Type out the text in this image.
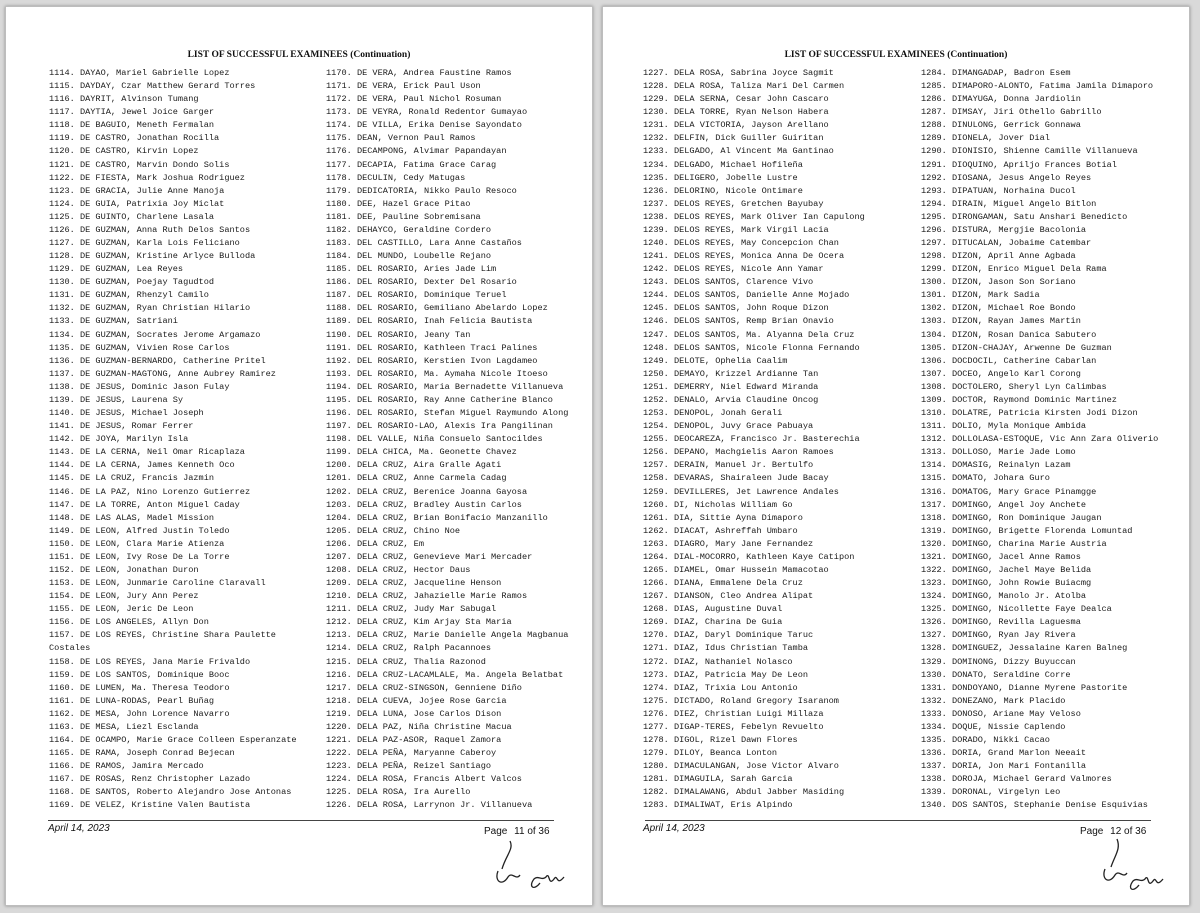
LIST OF SUCCESSFUL EXAMINEES (Continuation)
1114. DAYAO, Mariel Gabrielle Lopez
1115. DAYDAY, Czar Matthew Gerard Torres
1116. DAYRIT, Alvinson Tumang
1117. DAYTIA, Jewel Joice Garger
1118. DE BAGUIO, Meneth Fermalan
1119. DE CASTRO, Jonathan Rocilla
1120. DE CASTRO, Kirvin Lopez
1121. DE CASTRO, Marvin Dondo Solis
1122. DE FIESTA, Mark Joshua Rodriguez
1123. DE GRACIA, Julie Anne Manoja
1124. DE GUIA, Patrixia Joy Miclat
1125. DE GUINTO, Charlene Lasala
1126. DE GUZMAN, Anna Ruth Delos Santos
1127. DE GUZMAN, Karla Lois Feliciano
1128. DE GUZMAN, Kristine Arlyce Bulloda
1129. DE GUZMAN, Lea Reyes
1130. DE GUZMAN, Poejay Tagudtod
1131. DE GUZMAN, Rhenzyl Camilo
1132. DE GUZMAN, Ryan Christian Hilario
1133. DE GUZMAN, Satriani
1134. DE GUZMAN, Socrates Jerome Argamazo
1135. DE GUZMAN, Vivien Rose Carlos
1136. DE GUZMAN-BERNARDO, Catherine Pritel
1137. DE GUZMAN-MAGTONG, Anne Aubrey Ramirez
1138. DE JESUS, Dominic Jason Fulay
1139. DE JESUS, Laurena Sy
1140. DE JESUS, Michael Joseph
1141. DE JESUS, Romar Ferrer
1142. DE JOYA, Marilyn Isla
1143. DE LA CERNA, Neil Omar Ricaplaza
1144. DE LA CERNA, James Kenneth Oco
1145. DE LA CRUZ, Francis Jazmin
1146. DE LA PAZ, Nino Lorenzo Gutierrez
1147. DE LA TORRE, Anton Miguel Caday
1148. DE LAS ALAS, Madel Mission
1149. DE LEON, Alfred Justin Toledo
1150. DE LEON, Clara Marie Atienza
1151. DE LEON, Ivy Rose De La Torre
1152. DE LEON, Jonathan Duron
1153. DE LEON, Junmarie Caroline Claravall
1154. DE LEON, Jury Ann Perez
1155. DE LEON, Jeric De Leon
1156. DE LOS ANGELES, Allyn Don
1157. DE LOS REYES, Christine Shara Paulette
Costales
1158. DE LOS REYES, Jana Marie Frivaldo
1159. DE LOS SANTOS, Dominique Booc
1160. DE LUMEN, Ma. Theresa Teodoro
1161. DE LUNA-RODAS, Pearl Buñag
1162. DE MESA, John Lorence Navarro
1163. DE MESA, Liezl Esclanda
1164. DE OCAMPO, Marie Grace Colleen Esperanzate
1165. DE RAMA, Joseph Conrad Bejecan
1166. DE RAMOS, Jamira Mercado
1167. DE ROSAS, Renz Christopher Lazado
1168. DE SANTOS, Roberto Alejandro Jose Antonas
1169. DE VELEZ, Kristine Valen Bautista
1170. DE VERA, Andrea Faustine Ramos
1171. DE VERA, Erick Paul Uson
1172. DE VERA, Paul Nichol Rosuman
1173. DE VEYRA, Ronald Redentor Gumayao
1174. DE VILLA, Erika Denise Sayondato
1175. DEAN, Vernon Paul Ramos
1176. DECAMPONG, Alvimar Papandayan
1177. DECAPIA, Fatima Grace Carag
1178. DECULIN, Cedy Matugas
1179. DEDICATORIA, Nikko Paulo Resoco
1180. DEE, Hazel Grace Pitao
1181. DEE, Pauline Sobremisana
1182. DEHAYCO, Geraldine Cordero
1183. DEL CASTILLO, Lara Anne Castaños
1184. DEL MUNDO, Loubelle Rejano
1185. DEL ROSARIO, Aries Jade Lim
1186. DEL ROSARIO, Dexter Del Rosario
1187. DEL ROSARIO, Dominique Teruel
1188. DEL ROSARIO, Gemiliano Abelardo Lopez
1189. DEL ROSARIO, Inah Felicia Bautista
1190. DEL ROSARIO, Jeany Tan
1191. DEL ROSARIO, Kathleen Traci Palines
1192. DEL ROSARIO, Kerstien Ivon Lagdameo
1193. DEL ROSARIO, Ma. Aymaha Nicole Itoeso
1194. DEL ROSARIO, Maria Bernadette Villanueva
1195. DEL ROSARIO, Ray Anne Catherine Blanco
1196. DEL ROSARIO, Stefan Miguel Raymundo Along
1197. DEL ROSARIO-LAO, Alexis Ira Pangilinan
1198. DEL VALLE, Niña Consuelo Santocildes
1199. DELA CHICA, Ma. Geonette Chavez
1200. DELA CRUZ, Aira Gralle Agati
1201. DELA CRUZ, Anne Carmela Cadag
1202. DELA CRUZ, Berenice Joanna Gayosa
1203. DELA CRUZ, Bradley Austin Carlos
1204. DELA CRUZ, Brian Bonifacio Manzanillo
1205. DELA CRUZ, Chino Noe
1206. DELA CRUZ, Em
1207. DELA CRUZ, Genevieve Mari Mercader
1208. DELA CRUZ, Hector Daus
1209. DELA CRUZ, Jacqueline Henson
1210. DELA CRUZ, Jahazielle Marie Ramos
1211. DELA CRUZ, Judy Mar Sabugal
1212. DELA CRUZ, Kim Arjay Sta Maria
1213. DELA CRUZ, Marie Danielle Angela Magbanua
1214. DELA CRUZ, Ralph Pacannoes
1215. DELA CRUZ, Thalia Razonod
1216. DELA CRUZ-LACAMLALE, Ma. Angela Belatbat
1217. DELA CRUZ-SINGSON, Genniene Diño
1218. DELA CUEVA, Jojee Rose Garcia
1219. DELA LUNA, Jose Carlos Dison
1220. DELA PAZ, Niña Christine Macua
1221. DELA PAZ-ASOR, Raquel Zamora
1222. DELA PEÑA, Maryanne Caberoy
1223. DELA PEÑA, Reizel Santiago
1224. DELA ROSA, Francis Albert Valcos
1225. DELA ROSA, Ira Aurello
1226. DELA ROSA, Larrynon Jr. Villanueva
April 14, 2023	Page 11 of 36
LIST OF SUCCESSFUL EXAMINEES (Continuation)
1227. DELA ROSA, Sabrina Joyce Sagmit
1228. DELA ROSA, Taliza Mari Del Carmen
1229. DELA SERNA, Cesar John Cascaro
1230. DELA TORRE, Ryan Nelson Habera
1231. DELA VICTORIA, Jayson Arellano
1232. DELFIN, Dick Guiller Guiritan
1233. DELGADO, Al Vincent Ma Gantinao
1234. DELGADO, Michael Hofileña
1235. DELIGERO, Jobelle Lustre
1236. DELORINO, Nicole Ontimare
1237. DELOS REYES, Gretchen Bayubay
1238. DELOS REYES, Mark Oliver Ian Capulong
1239. DELOS REYES, Mark Virgil Lacia
1240. DELOS REYES, May Concepcion Chan
1241. DELOS REYES, Monica Anna De Ocera
1242. DELOS REYES, Nicole Ann Yamar
1243. DELOS SANTOS, Clarence Vivo
1244. DELOS SANTOS, Danielle Anne Mojado
1245. DELOS SANTOS, John Roque Dizon
1246. DELOS SANTOS, Remp Brian Onavio
1247. DELOS SANTOS, Ma. Alyanna Dela Cruz
1248. DELOS SANTOS, Nicole Flonna Fernando
1249. DELOTE, Ophelia Caalim
1250. DEMAYO, Krizzel Ardianne Tan
1251. DEMERRY, Niel Edward Miranda
1252. DENALO, Arvia Claudine Oncog
1253. DENOPOL, Jonah Gerali
1254. DENOPOL, Juvy Grace Pabuaya
1255. DEOCAREZA, Francisco Jr. Basterechia
1256. DEPANO, Machgielis Aaron Ramoes
1257. DERAIN, Manuel Jr. Bertulfo
1258. DEVARAS, Shairaleen Jude Bacay
1259. DEVILLERES, Jet Lawrence Andales
1260. DI, Nicholas William Go
1261. DIA, Sittie Ayna Dimaporo
1262. DIACAT, Ashreffah Umbaro
1263. DIAGRO, Mary Jane Fernandez
1264. DIAL-MOCORRO, Kathleen Kaye Catipon
1265. DIAMEL, Omar Hussein Mamacotao
1266. DIANA, Emmalene Dela Cruz
1267. DIANSON, Cleo Andrea Alipat
1268. DIAS, Augustine Duval
1269. DIAZ, Charina De Guia
1270. DIAZ, Daryl Dominique Taruc
1271. DIAZ, Idus Christian Tamba
1272. DIAZ, Nathaniel Nolasco
1273. DIAZ, Patricia May De Leon
1274. DIAZ, Trixia Lou Antonio
1275. DICTADO, Roland Gregory Isaranom
1276. DIEZ, Christian Luigi Millaza
1277. DIGAP-TERES, Febelyn Revuelto
1278. DIGOL, Rizel Dawn Flores
1279. DILOY, Beanca Lonton
1280. DIMACULANGAN, Jose Victor Alvaro
1281. DIMAGUILA, Sarah Garcia
1282. DIMALAWANG, Abdul Jabber Masiding
1283. DIMALIWAT, Eris Alpindo
1284. DIMANGADAP, Badron Esem
1285. DIMAPORO-ALONTO, Fatima Jamila Dimaporo
1286. DIMAYUGA, Donna Jardiolin
1287. DIMSAY, Jiri Othello Gabrillo
1288. DINULONG, Gerrick Gonnawa
1289. DIONELA, Jover Dial
1290. DIONISIO, Shienne Camille Villanueva
1291. DIOQUINO, Apriljo Frances Botial
1292. DIOSANA, Jesus Angelo Reyes
1293. DIPATUAN, Norhaina Ducol
1294. DIRAIN, Miguel Angelo Bitlon
1295. DIRONGAMAN, Satu Anshari Benedicto
1296. DISTURA, Mergjie Bacolonia
1297. DITUCALAN, Jobaime Catembar
1298. DIZON, April Anne Agbada
1299. DIZON, Enrico Miguel Dela Rama
1300. DIZON, Jason Son Soriano
1301. DIZON, Mark Sadia
1302. DIZON, Michael Roe Bondo
1303. DIZON, Rayan James Martin
1304. DIZON, Rosan Danica Sabutero
1305. DIZON-CHAJAY, Arwenne De Guzman
1306. DOCDOCIL, Catherine Cabarlan
1307. DOCEO, Angelo Karl Corong
1308. DOCTOLERO, Sheryl Lyn Calimbas
1309. DOCTOR, Raymond Dominic Martinez
1310. DOLATRE, Patricia Kirsten Jodi Dizon
1311. DOLIO, Myla Monique Ambida
1312. DOLLOLASA-ESTOQUE, Vic Ann Zara Oliverio
1313. DOLLOSO, Marie Jade Lomo
1314. DOMASIG, Reinalyn Lazam
1315. DOMATO, Johara Guro
1316. DOMATOG, Mary Grace Pinamgge
1317. DOMINGO, Angel Joy Anchete
1318. DOMINGO, Ron Dominique Jaugan
1319. DOMINGO, Brigette Florenda Lomuntad
1320. DOMINGO, Charina Marie Austria
1321. DOMINGO, Jacel Anne Ramos
1322. DOMINGO, Jachel Maye Belida
1323. DOMINGO, John Rowie Buiacmg
1324. DOMINGO, Manolo Jr. Atolba
1325. DOMINGO, Nicollette Faye Dealca
1326. DOMINGO, Revilla Laguesma
1327. DOMINGO, Ryan Jay Rivera
1328. DOMINGUEZ, Jessalaine Karen Balneg
1329. DOMINONG, Dizzy Buyuccan
1330. DONATO, Seraldine Corre
1331. DONDOYANO, Dianne Myrene Pastorite
1332. DONEZANO, Mark Placido
1333. DONOSO, Ariane May Veloso
1334. DOQUE, Nissie Caplendo
1335. DORADO, Nikki Cacao
1336. DORIA, Grand Marlon Neeait
1337. DORIA, Jon Mari Fontanilla
1338. DOROJA, Michael Gerard Valmores
1339. DORONAL, Virgelyn Leo
1340. DOS SANTOS, Stephanie Denise Esquivias
April 14, 2023	Page 12 of 36
